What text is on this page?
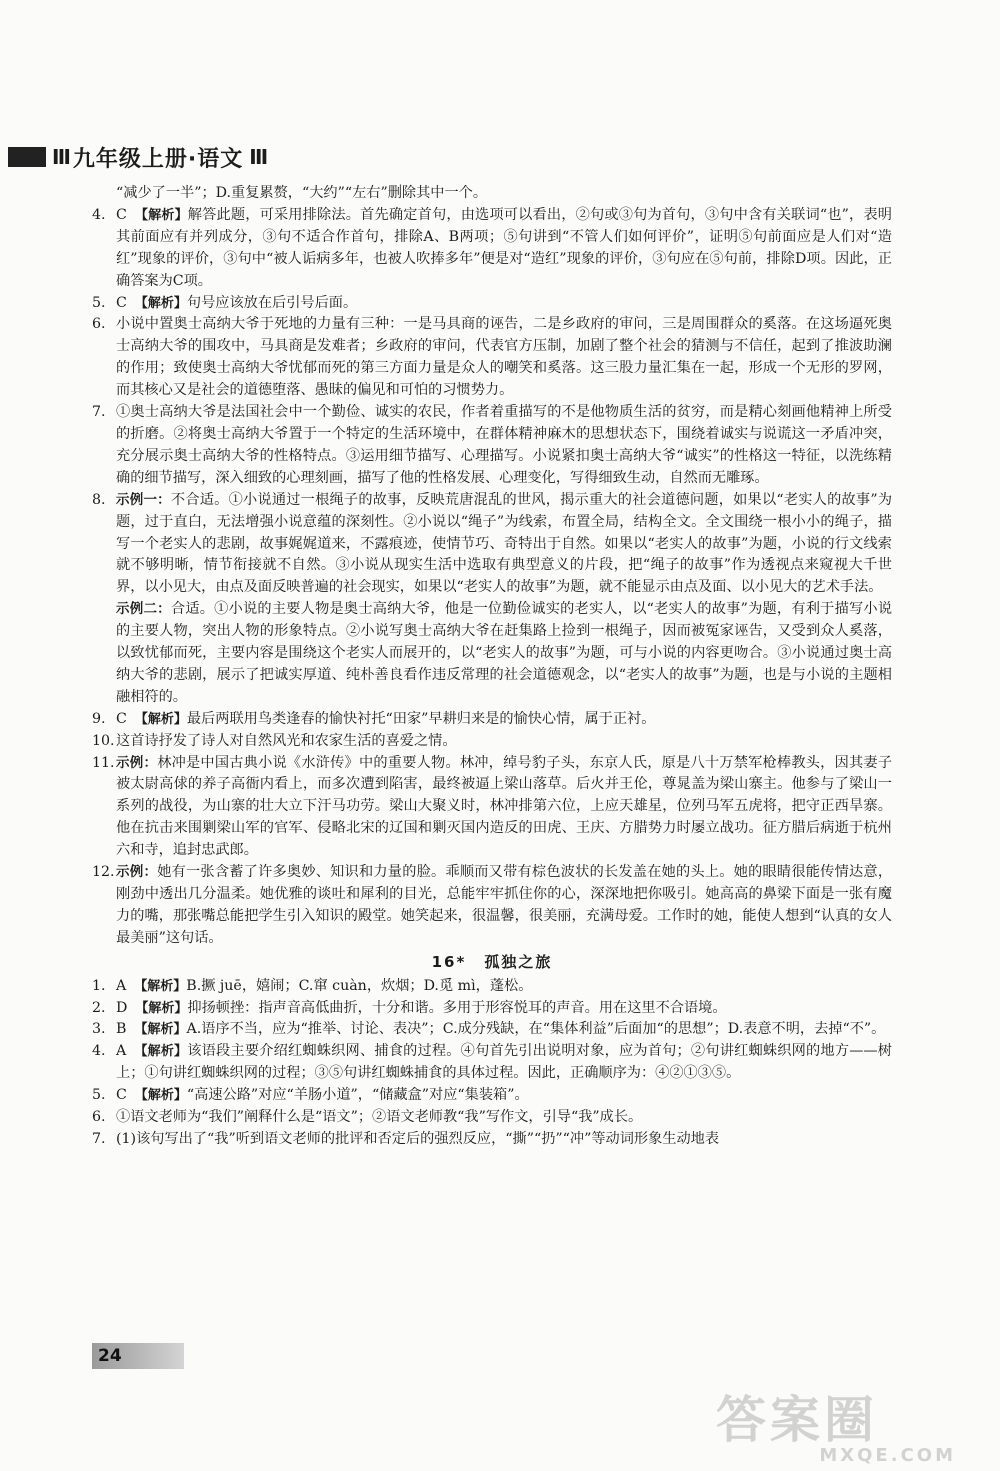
Ⅲ 九年级上册·语文 Ⅲ
“减少了一半”；D.重复累赘，“大约”“左右”删除其中一个。
4. C 【解析】解答此题，可采用排除法。首先确定首句，由选项可以看出，②句或③句为首句，③句中含有关联词“也”，表明其前面应有并列成分，③句不适合作首句，排除A、B两项；⑤句讲到“不管人们如何评价”，证明⑤句前面应是人们对“造红”现象的评价，③句中“被人诟病多年，也被人吹捧多年”便是对“造红”现象的评价，③句应在⑤句前，排除D项。因此，正确答案为C项。
5. C 【解析】句号应该放在后引号后面。
6. 小说中置奥士高纳大爷于死地的力量有三种：一是马具商的诬告，二是乡政府的审问，三是周围群众的奚落。在这场逼死奥士高纳大爷的围攻中，马具商是发难者；乡政府的审问，代表官方压制，加剧了整个社会的猜测与不信任，起到了推波助澜的作用；致使奥士高纳大爷忧郁而死的第三方面力量是众人的嘲笑和奚落。这三股力量汇集在一起，形成一个无形的罗网，而其核心又是社会的道德堕落、愚昧的偏见和可怕的习惯势力。
7. ①奥士高纳大爷是法国社会中一个勤俭、诚实的农民，作者着重描写的不是他物质生活的贫穷，而是精心刻画他精神上所受的折磨。②将奥士高纳大爷置于一个特定的生活环境中，在群体精神麻木的思想状态下，围绕着诚实与说谎这一矛盾冲突，充分展示奥士高纳大爷的性格特点。③运用细节描写、心理描写。小说紧扣奥士高纳大爷“诚实”的性格这一特征，以洗练精确的细节描写，深入细致的心理刻画，描写了他的性格发展、心理变化，写得细致生动，自然而无雕琢。
8. 示例一：不合适。①小说通过一根绳子的故事，反映荒唐混乱的世风，揭示重大的社会道德问题，如果以“老实人的故事”为题，过于直白，无法增强小说意蕴的深刻性。②小说以“绳子”为线索，布置全局，结构全文。全文围绕一根小小的绳子，描写一个老实人的悲剧，故事娓娓道来，不露痕迹，使情节巧、奇特出于自然。如果以“老实人的故事”为题，小说的行文线索就不够明晰，情节衔接就不自然。③小说从现实生活中选取有典型意义的片段，把“绳子的故事”作为透视点来窥视大千世界，以小见大，由点及面反映普遍的社会现实，如果以“老实人的故事”为题，就不能显示由点及面、以小见大的艺术手法。
示例二：合适。①小说的主要人物是奥士高纳大爷，他是一位勤俭诚实的老实人，以“老实人的故事”为题，有利于描写小说的主要人物，突出人物的形象特点。②小说写奥士高纳大爷在赶集路上捡到一根绳子，因而被冤家诬告，又受到众人奚落，以致忧郁而死，主要内容是围绕这个老实人而展开的，以“老实人的故事”为题，可与小说的内容更吻合。③小说通过奥士高纳大爷的悲剧，展示了把诚实厚道、纯朴善良看作违反常理的社会道德观念，以“老实人的故事”为题，也是与小说的主题相融相符的。
9. C 【解析】最后两联用鸟类逢春的愉快衬托“田家”早耕归来是的愉快心情，属于正衬。
10. 这首诗抒发了诗人对自然风光和农家生活的喜爱之情。
11. 示例：林冲是中国古典小说《水浒传》中的重要人物。林冲，绰号豹子头，东京人氏，原是八十万禁军枪棒教头，因其妻子被太尉高俅的养子高衙内看上，而多次遭到陷害，最终被逼上梁山落草。后火并王伦，尊晁盖为梁山寨主。他参与了梁山一系列的战役，为山寨的壮大立下汗马功劳。梁山大聚义时，林冲排第六位，上应天雄星，位列马军五虎将，把守正西旱寨。他在抗击来围剿梁山军的官军、侵略北宋的辽国和剿灭国内造反的田虎、王庆、方腊势力时屡立战功。征方腊后病逝于杭州六和寺，追封忠武郎。
12. 示例：她有一张含蓄了许多奥妙、知识和力量的脸。乖顺而又带有棕色波状的长发盖在她的头上。她的眼睛很能传情达意，刚劲中透出几分温柔。她优雅的谈吐和犀利的目光，总能牢牢抓住你的心，深深地把你吸引。她高高的鼻梁下面是一张有魔力的嘴，那张嘴总能把学生引入知识的殿堂。她笑起来，很温馨，很美丽，充满母爱。工作时的她，能使人想到“认真的女人最美丽”这句话。
16* 孤独之旅
1. A 【解析】B.撅 juē，嬉闹；C.窜 cuàn，炊烟；D.觅 mì，蓬松。
2. D 【解析】抑扬顿挫：指声音高低曲折，十分和谐。多用于形容悦耳的声音。用在这里不合语境。
3. B 【解析】A.语序不当，应为“推举、讨论、表决”；C.成分残缺，在“集体利益”后面加“的思想”；D.表意不明，去掉“不”。
4. A 【解析】该语段主要介绍红蜘蛛织网、捕食的过程。④句首先引出说明对象，应为首句；②句讲红蜘蛛织网的地方——树上；①句讲红蜘蛛织网的过程；③⑤句讲红蜘蛛捕食的具体过程。因此，正确顺序为：④②①③⑤。
5. C 【解析】“高速公路”对应“羊肠小道”，“储藏盒”对应“集装箱”。
6. ①语文老师为“我们”阐释什么是“语文”；②语文老师教“我”写作文，引导“我”成长。
7. (1)该句写出了“我”听到语文老师的批评和否定后的强烈反应，“撕”“扔”“冲”等动词形象生动地表
24
答案圈
MXQE.COM
